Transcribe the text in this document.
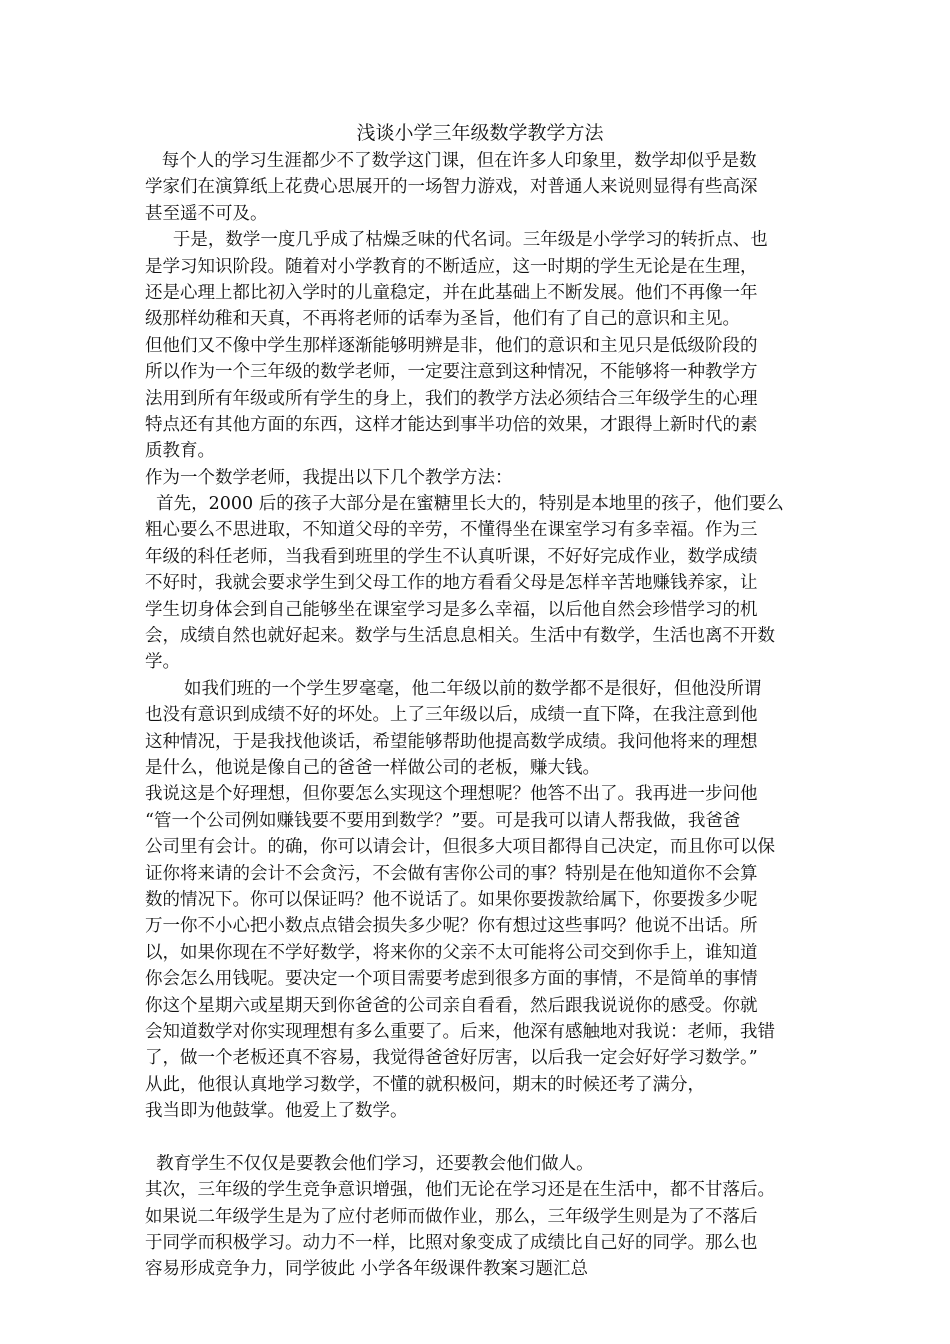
浅谈小学三年级数学教学方法

每个人的学习生涯都少不了数学这门课，但在许多人印象里，数学却似乎是数

学家们在演算纸上花费心思展开的一场智力游戏，对普通人来说则显得有些高深

甚至遥不可及。

于是，数学一度几乎成了枯燥乏味的代名词。三年级是小学学习的转折点、也

是学习知识阶段。随着对小学教育的不断适应，这一时期的学生无论是在生理，

还是心理上都比初入学时的儿童稳定，并在此基础上不断发展。他们不再像一年

级那样幼稚和天真，不再将老师的话奉为圣旨，他们有了自己的意识和主见。

但他们又不像中学生那样逐渐能够明辨是非，他们的意识和主见只是低级阶段的

所以作为一个三年级的数学老师，一定要注意到这种情况，不能够将一种教学方

法用到所有年级或所有学生的身上，我们的教学方法必须结合三年级学生的心理

特点还有其他方面的东西，这样才能达到事半功倍的效果，才跟得上新时代的素

质教育。

作为一个数学老师，我提出以下几个教学方法：

首先，2000 后的孩子大部分是在蜜糖里长大的，特别是本地里的孩子，他们要么

粗心要么不思进取，不知道父母的辛劳，不懂得坐在课室学习有多幸福。作为三

年级的科任老师，当我看到班里的学生不认真听课，不好好完成作业，数学成绩

不好时，我就会要求学生到父母工作的地方看看父母是怎样辛苦地赚钱养家，让

学生切身体会到自己能够坐在课室学习是多么幸福，以后他自然会珍惜学习的机

会，成绩自然也就好起来。数学与生活息息相关。生活中有数学，生活也离不开数

学。

如我们班的一个学生罗毫毫，他二年级以前的数学都不是很好，但他没所谓

也没有意识到成绩不好的坏处。上了三年级以后，成绩一直下降，在我注意到他

这种情况，于是我找他谈话，希望能够帮助他提高数学成绩。我问他将来的理想

是什么，他说是像自己的爸爸一样做公司的老板，赚大钱。

我说这是个好理想，但你要怎么实现这个理想呢？他答不出了。我再进一步问他

“管一个公司例如赚钱要不要用到数学？”要。可是我可以请人帮我做，我爸爸

公司里有会计。的确，你可以请会计，但很多大项目都得自己决定，而且你可以保

证你将来请的会计不会贪污，不会做有害你公司的事？特别是在他知道你不会算

数的情况下。你可以保证吗？他不说话了。如果你要拨款给属下，你要拨多少呢

万一你不小心把小数点点错会损失多少呢？你有想过这些事吗？他说不出话。所

以，如果你现在不学好数学，将来你的父亲不太可能将公司交到你手上，谁知道

你会怎么用钱呢。要决定一个项目需要考虑到很多方面的事情，不是简单的事情

你这个星期六或星期天到你爸爸的公司亲自看看，然后跟我说说你的感受。你就

会知道数学对你实现理想有多么重要了。后来，他深有感触地对我说：老师，我错

了，做一个老板还真不容易，我觉得爸爸好厉害，以后我一定会好好学习数学。”

从此，他很认真地学习数学，不懂的就积极问，期末的时候还考了满分，

我当即为他鼓掌。他爱上了数学。

教育学生不仅仅是要教会他们学习，还要教会他们做人。

其次，三年级的学生竞争意识增强，他们无论在学习还是在生活中，都不甘落后。

如果说二年级学生是为了应付老师而做作业，那么，三年级学生则是为了不落后

于同学而积极学习。动力不一样，比照对象变成了成绩比自己好的同学。那么也

容易形成竞争力，同学彼此 小学各年级课件教案习题汇总
